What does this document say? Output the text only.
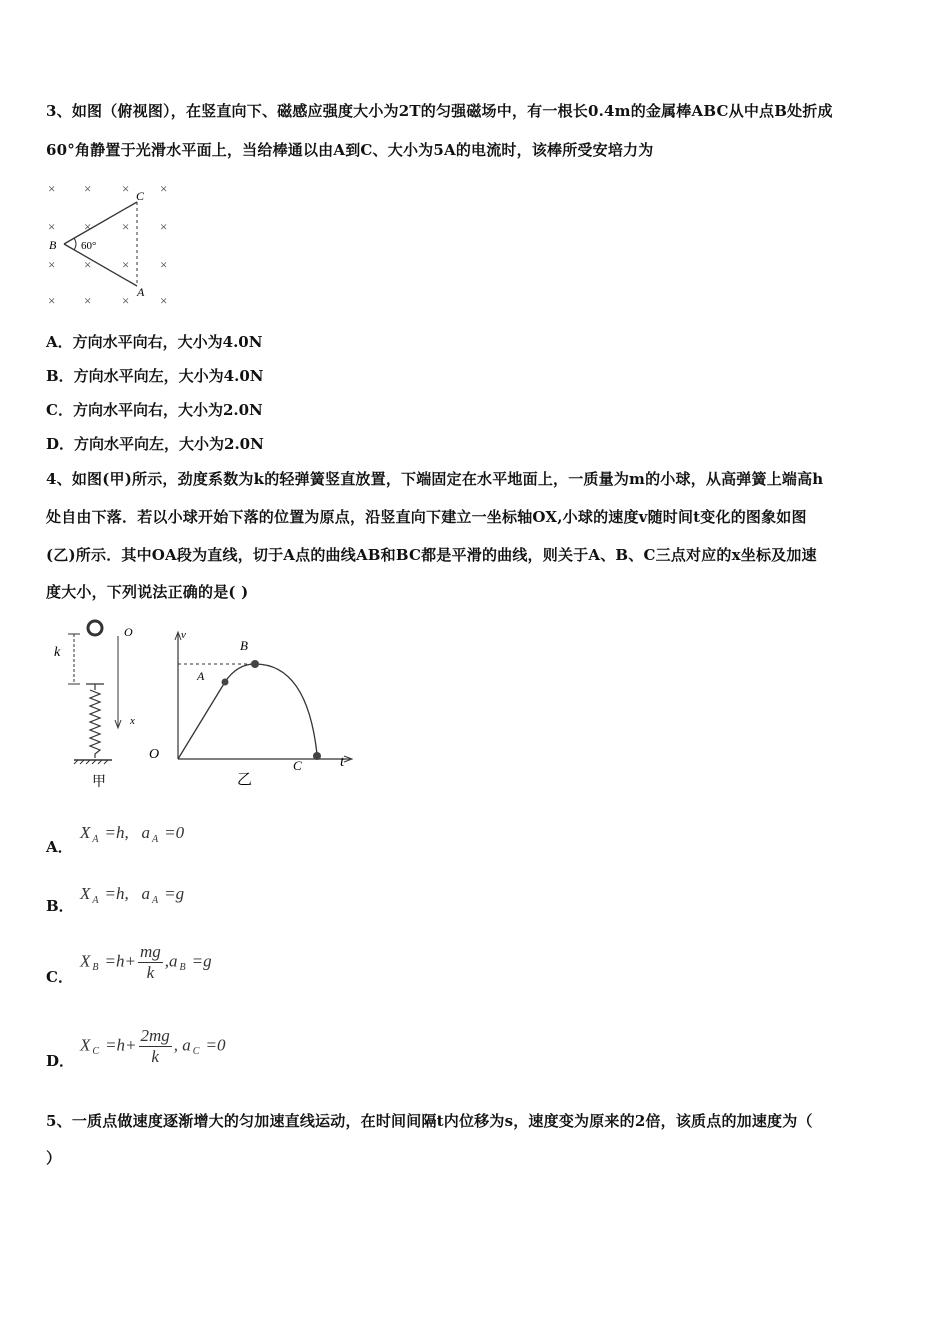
3、如图（俯视图），在竖直向下、磁感应强度大小为2T的匀强磁场中，有一根长0.4m的金属棒ABC从中点B处折成
60°角静置于光滑水平面上，当给棒通以由A到C、大小为5A的电流时，该棒所受安培力为
× × × ×
× × × ×
× × × ×
× × × ×
C
B
A
60°
A．方向水平向右，大小为4.0N
B．方向水平向左，大小为4.0N
C．方向水平向右，大小为2.0N
D．方向水平向左，大小为2.0N
4、如图(甲)所示，劲度系数为k的轻弹簧竖直放置，下端固定在水平地面上，一质量为m的小球，从高弹簧上端高h
处自由下落．若以小球开始下落的位置为原点，沿竖直向下建立一坐标轴OX,小球的速度v随时间t变化的图象如图
(乙)所示．其中OA段为直线，切于A点的曲线AB和BC都是平滑的曲线，则关于A、B、C三点对应的x坐标及加速
度大小，下列说法正确的是( )
k
O
x
甲
v
O
A
B
C	t
乙
A．
X $_A$ =h, a $_A$ =0
B．
X $_A$ =h, a $_A$ =g
C．
X $_B =h+ \frac{mg}{k} ,a$ $_B$ =g
D．
X $_C =h+ \frac{2mg}{k}$ , a $_C$ =0
5、一质点做速度逐渐增大的匀加速直线运动，在时间间隔t内位移为s，速度变为原来的2倍，该质点的加速度为（
）
